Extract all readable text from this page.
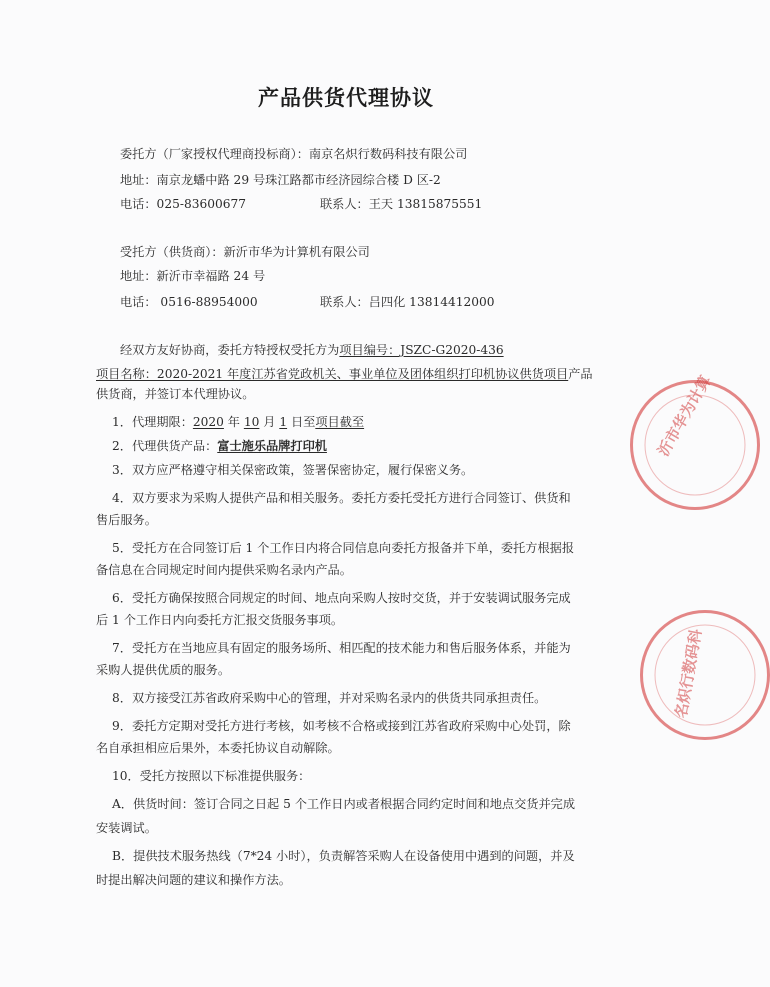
产品供货代理协议
委托方（厂家授权代理商投标商）：南京名炽行数码科技有限公司
地址：南京龙蟠中路 29 号珠江路都市经济园综合楼 D 区-2
电话：025-83600677	联系人：王天 13815875551
受托方（供货商）：新沂市华为计算机有限公司
地址：新沂市幸福路 24 号
电话： 0516-88954000	联系人：吕四化 13814412000
经双方友好协商，委托方特授权受托方为项目编号：JSZC-G2020-436
项目名称：2020-2021 年度江苏省党政机关、事业单位及团体组织打印机协议供货项目产品
供货商，并签订本代理协议。
1．代理期限：2020 年 10 月 1 日至项目截至
2．代理供货产品：富士施乐品牌打印机
3．双方应严格遵守相关保密政策，签署保密协定，履行保密义务。
4．双方要求为采购人提供产品和相关服务。委托方委托受托方进行合同签订、供货和
售后服务。
5．受托方在合同签订后 1 个工作日内将合同信息向委托方报备并下单，委托方根据报
备信息在合同规定时间内提供采购名录内产品。
6．受托方确保按照合同规定的时间、地点向采购人按时交货，并于安装调试服务完成
后 1 个工作日内向委托方汇报交货服务事项。
7．受托方在当地应具有固定的服务场所、相匹配的技术能力和售后服务体系，并能为
采购人提供优质的服务。
8．双方接受江苏省政府采购中心的管理，并对采购名录内的供货共同承担责任。
9．委托方定期对受托方进行考核，如考核不合格或接到江苏省政府采购中心处罚，除
名自承担相应后果外，本委托协议自动解除。
10．受托方按照以下标准提供服务：
A．供货时间：签订合同之日起 5 个工作日内或者根据合同约定时间和地点交货并完成
安装调试。
B．提供技术服务热线（7*24 小时），负责解答采购人在设备使用中遇到的问题，并及
时提出解决问题的建议和操作方法。
沂市华为计算
名炽行数码科
